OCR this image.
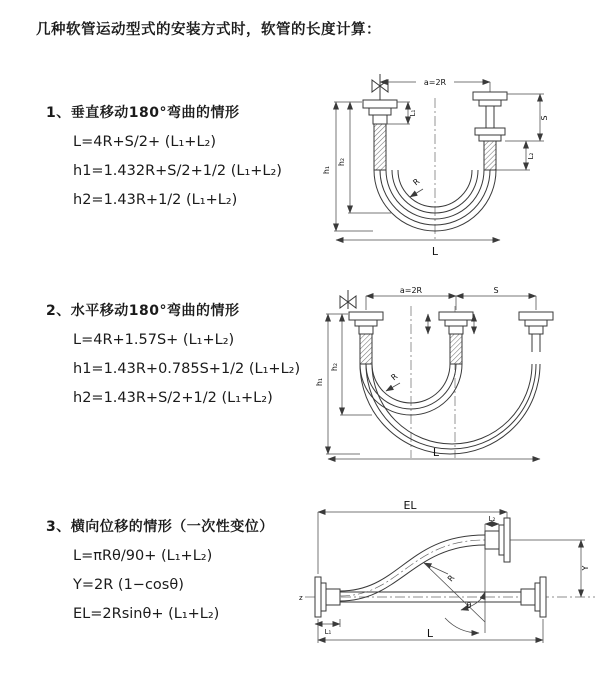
几种软管运动型式的安装方式时，软管的长度计算：
1、垂直移动180°弯曲的情形
L=4R+S/2+ (L₁+L₂)
h1=1.432R+S/2+1/2 (L₁+L₂)
h2=1.43R+1/2 (L₁+L₂)
a=2R
h₁
h₂
L₁
S
L₂
R
L
2、水平移动180°弯曲的情形
L=4R+1.57S+ (L₁+L₂)
h1=1.43R+0.785S+1/2 (L₁+L₂)
h2=1.43R+S/2+1/2 (L₁+L₂)
a=2R	S
h₁
h₂
R
L
3、横向位移的情形（一次性变位）
L=πRθ/90+ (L₁+L₂)
Y=2R (1−cosθ)
EL=2Rsinθ+ (L₁+L₂)
z
EL
L₂
Y
R
θ
L₁	L
